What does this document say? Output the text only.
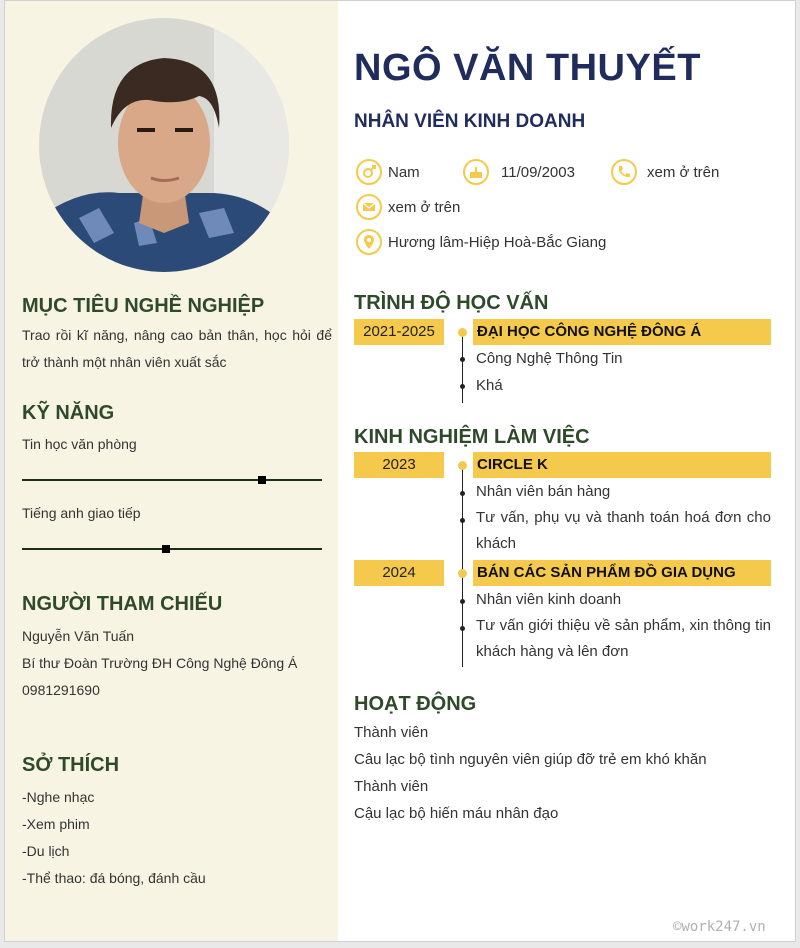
MỤC TIÊU NGHỀ NGHIỆP
Trao rồi kĩ năng, nâng cao bản thân, học hỏi để trở thành một nhân viên xuất sắc
KỸ NĂNG
Tin học văn phòng
Tiếng anh giao tiếp
NGƯỜI THAM CHIẾU
Nguyễn Văn Tuấn
Bí thư Đoàn Trường ĐH Công Nghệ Đông Á
0981291690
SỞ THÍCH
-Nghe nhạc
-Xem phim
-Du lịch
-Thể thao: đá bóng, đánh cầu
NGÔ VĂN THUYẾT
NHÂN VIÊN KINH DOANH
Nam	11/09/2003	xem ở trên
xem ở trên
Hương lâm-Hiệp Hoà-Bắc Giang
TRÌNH ĐỘ HỌC VẤN
2021-2025	ĐẠI HỌC CÔNG NGHỆ ĐÔNG Á
Công Nghệ Thông Tin
Khá
KINH NGHIỆM LÀM VIỆC
2023	CIRCLE K
Nhân viên bán hàng
Tư vấn, phụ vụ và thanh toán hoá đơn cho khách
2024	BÁN CÁC SẢN PHẨM ĐỒ GIA DỤNG
Nhân viên kinh doanh
Tư vấn giới thiệu về sản phẩm, xin thông tin khách hàng và lên đơn
HOẠT ĐỘNG
Thành viên
Câu lạc bộ tình nguyên viên giúp đỡ trẻ em khó khăn
Thành viên
Cậu lạc bộ hiến máu nhân đạo
©work247.vn
